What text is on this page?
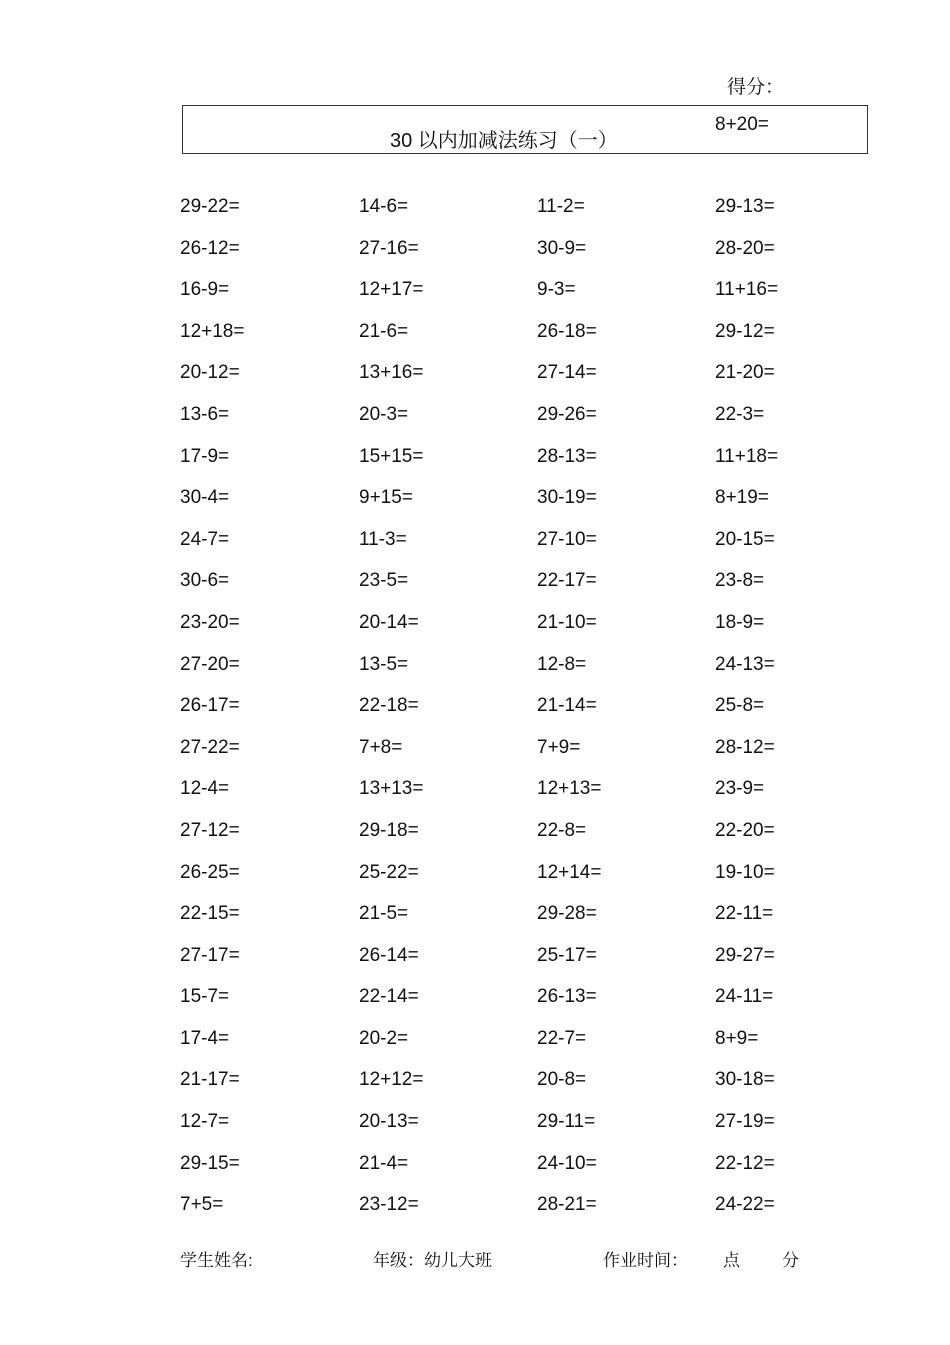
得分：
30 以内加减法练习（一）
8+20=
29-22=	14-6=	11-2=	29-13=
26-12=	27-16=	30-9=	28-20=
16-9=	12+17=	9-3=	11+16=
12+18=	21-6=	26-18=	29-12=
20-12=	13+16=	27-14=	21-20=
13-6=	20-3=	29-26=	22-3=
17-9=	15+15=	28-13=	11+18=
30-4=	9+15=	30-19=	8+19=
24-7=	11-3=	27-10=	20-15=
30-6=	23-5=	22-17=	23-8=
23-20=	20-14=	21-10=	18-9=
27-20=	13-5=	12-8=	24-13=
26-17=	22-18=	21-14=	25-8=
27-22=	7+8=	7+9=	28-12=
12-4=	13+13=	12+13=	23-9=
27-12=	29-18=	22-8=	22-20=
26-25=	25-22=	12+14=	19-10=
22-15=	21-5=	29-28=	22-11=
27-17=	26-14=	25-17=	29-27=
15-7=	22-14=	26-13=	24-11=
17-4=	20-2=	22-7=	8+9=
21-17=	12+12=	20-8=	30-18=
12-7=	20-13=	29-11=	27-19=
29-15=	21-4=	24-10=	22-12=
7+5=	23-12=	28-21=	24-22=
学生姓名:	年级：幼儿大班	作业时间： 点 分
